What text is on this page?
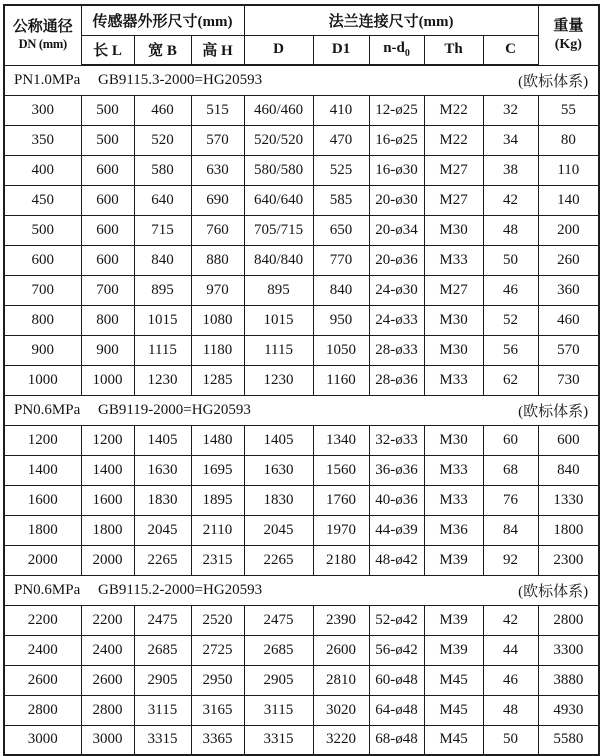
公称通径
DN (mm)
	传感器外形尺寸(mm)	法兰连接尺寸(mm)	重量
(Kg)

	长 L	宽 B	高 H	D	D1	$n-d_0$	Th	C	

PN1.0MPa GB9115.3-2000=HG20593 (欧标体系)									

300	500	460	515	460/460	410	12-ø25	M22	32	55
350	500	520	570	520/520	470	16-ø25	M22	34	80
400	600	580	630	580/580	525	16-ø30	M27	38	110
450	600	640	690	640/640	585	20-ø30	M27	42	140
500	600	715	760	705/715	650	20-ø34	M30	48	200
600	600	840	880	840/840	770	20-ø36	M33	50	260
700	700	895	970	895	840	24-ø30	M27	46	360
800	800	1015	1080	1015	950	24-ø33	M30	52	460
900	900	1115	1180	1115	1050	28-ø33	M30	56	570
1000	1000	1230	1285	1230	1160	28-ø36	M33	62	730

PN0.6MPa GB9119-2000=HG20593 (欧标体系)									

1200	1200	1405	1480	1405	1340	32-ø33	M30	60	600
1400	1400	1630	1695	1630	1560	36-ø36	M33	68	840
1600	1600	1830	1895	1830	1760	40-ø36	M33	76	1330
1800	1800	2045	2110	2045	1970	44-ø39	M36	84	1800
2000	2000	2265	2315	2265	2180	48-ø42	M39	92	2300

PN0.6MPa GB9115.2-2000=HG20593 (欧标体系)									

2200	2200	2475	2520	2475	2390	52-ø42	M39	42	2800
2400	2400	2685	2725	2685	2600	56-ø42	M39	44	3300
2600	2600	2905	2950	2905	2810	60-ø48	M45	46	3880
2800	2800	3115	3165	3115	3020	64-ø48	M45	48	4930
3000	3000	3315	3365	3315	3220	68-ø48	M45	50	5580
